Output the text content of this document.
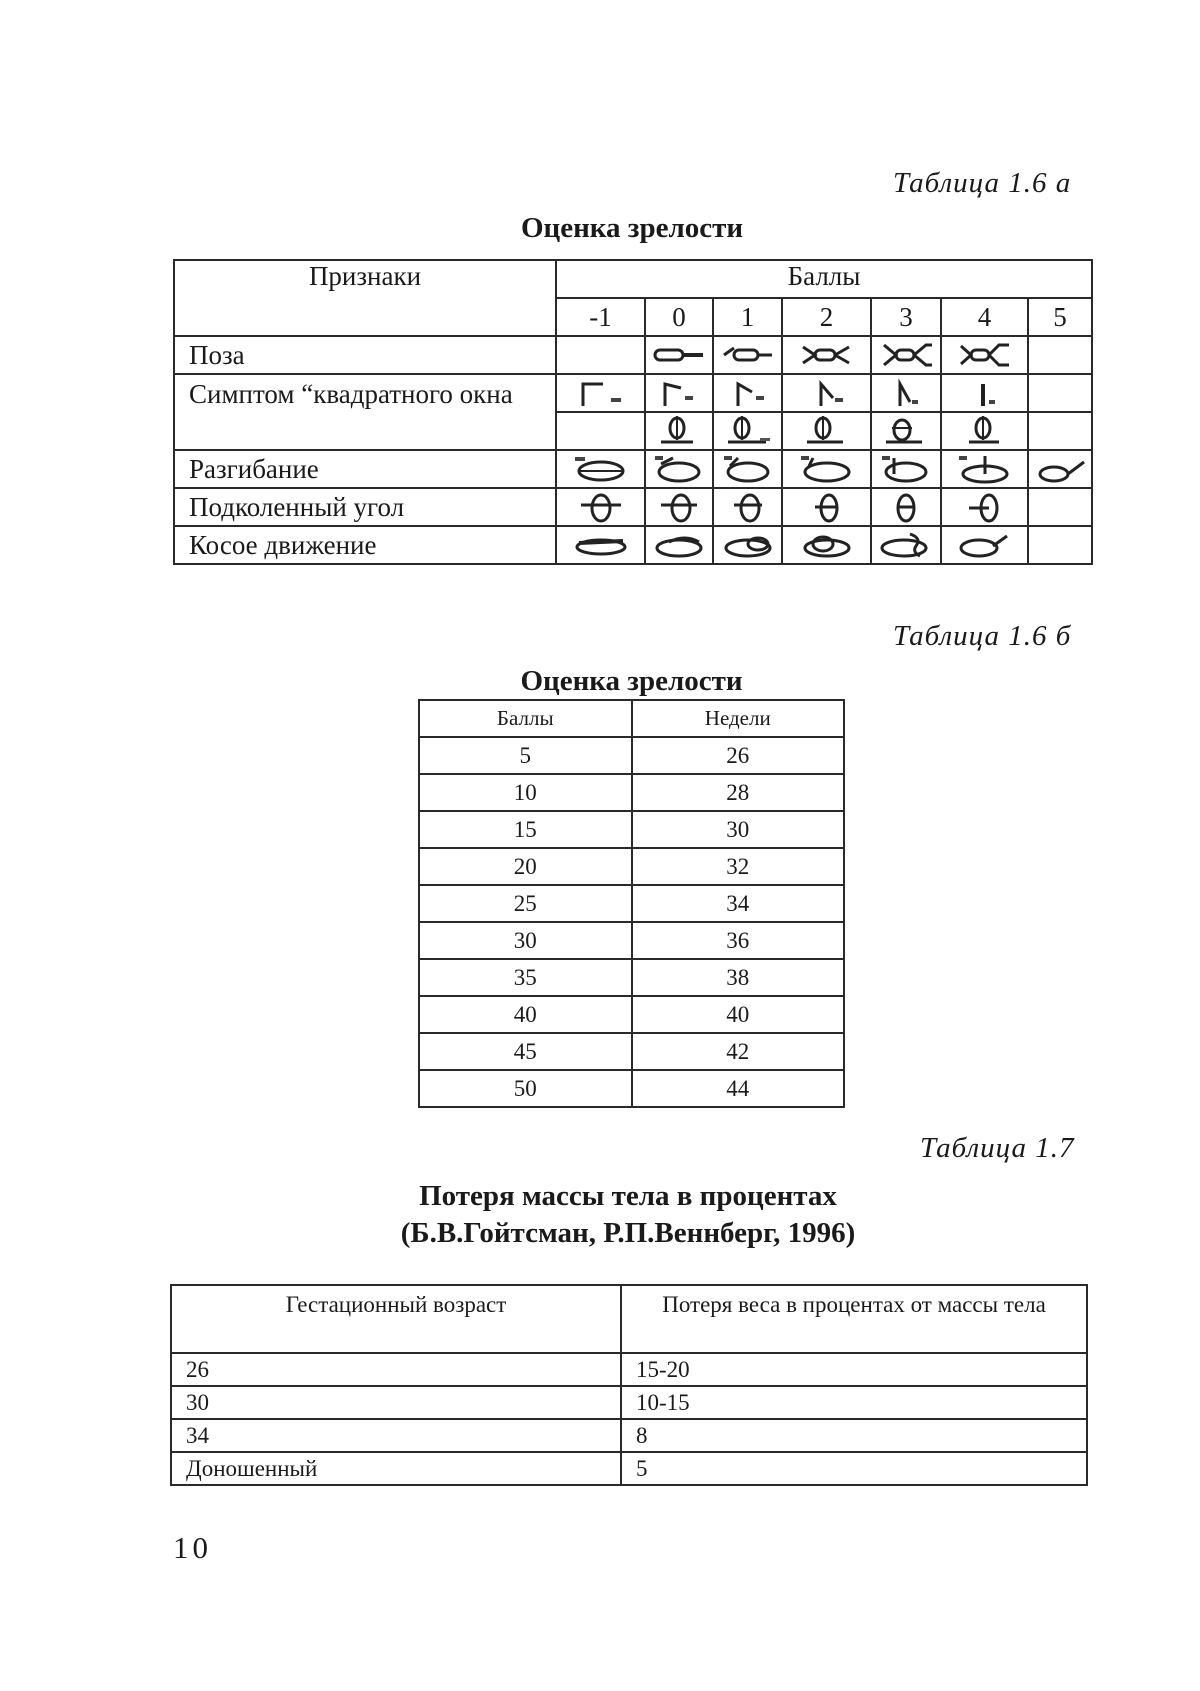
Таблица 1.6 а
Оценка зрелости
Признаки	Баллы						
	-1	0	1	2	3	4	5
Поза		

Симптом “квадратного окна	

Разгибание	

Подколенный угол	

Косое движение	

Таблица 1.6 б
Оценка зрелости
Баллы	Недели
5	26
10	28
15	30
20	32
25	34
30	36
35	38
40	40
45	42
50	44
Таблица 1.7
Потеря массы тела в процентах
(Б.В.Гойтсман, Р.П.Веннберг, 1996)
Гестационный возраст	Потеря веса в процентах от массы тела
26	15-20
30	10-15
34	8
Доношенный	5
10
